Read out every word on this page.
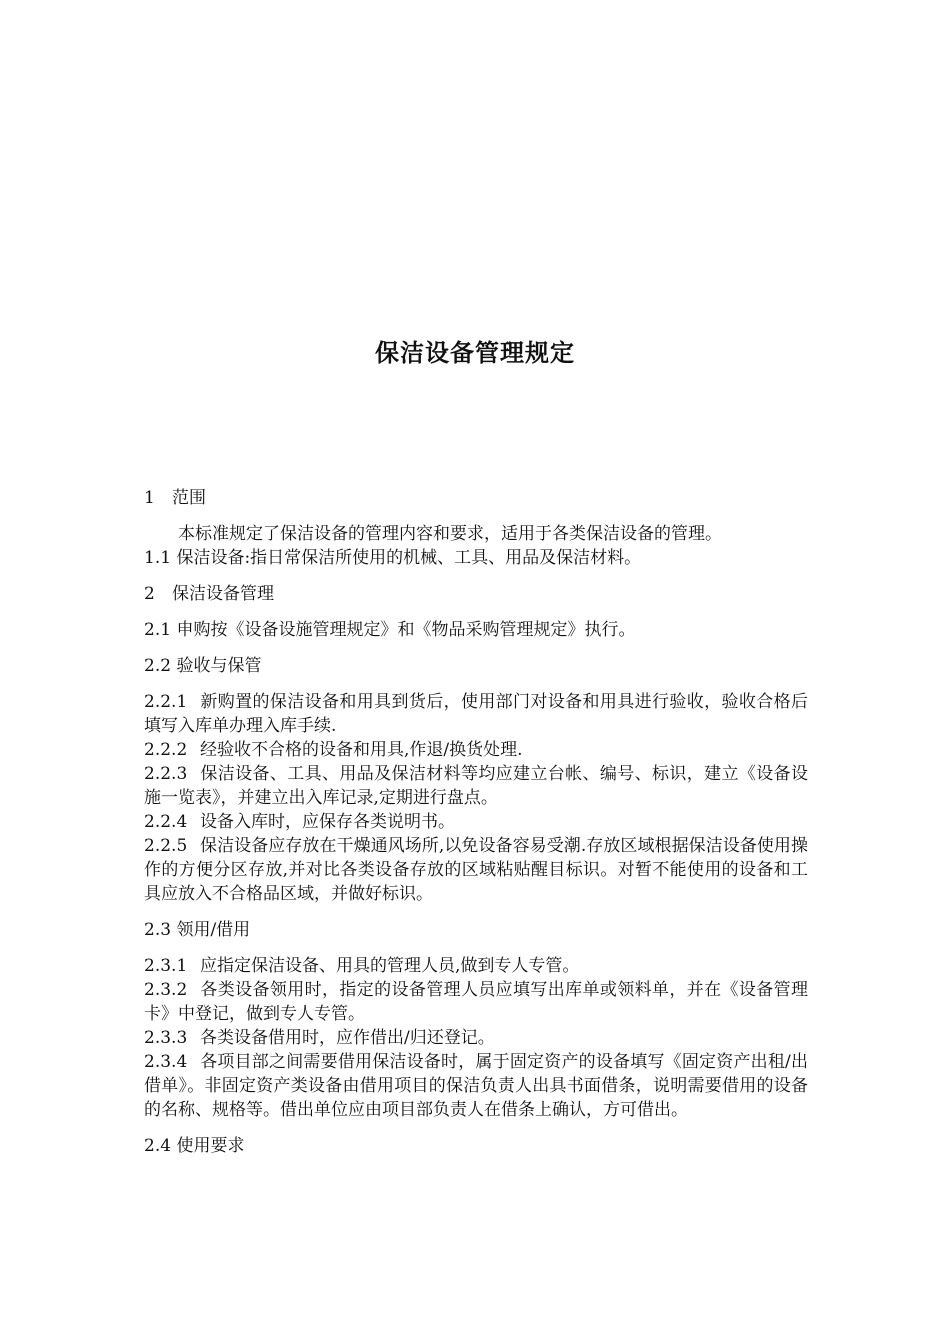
保洁设备管理规定
1 范围
本标准规定了保洁设备的管理内容和要求，适用于各类保洁设备的管理。
1.1 保洁设备:指日常保洁所使用的机械、工具、用品及保洁材料。
2 保洁设备管理
2.1 申购按《设备设施管理规定》和《物品采购管理规定》执行。
2.2 验收与保管
2.2.1 新购置的保洁设备和用具到货后，使用部门对设备和用具进行验收，验收合格后填写入库单办理入库手续.
2.2.2 经验收不合格的设备和用具,作退/换货处理.
2.2.3 保洁设备、工具、用品及保洁材料等均应建立台帐、编号、标识，建立《设备设施一览表》，并建立出入库记录,定期进行盘点。
2.2.4 设备入库时，应保存各类说明书。
2.2.5 保洁设备应存放在干燥通风场所,以免设备容易受潮.存放区域根据保洁设备使用操作的方便分区存放,并对比各类设备存放的区域粘贴醒目标识。对暂不能使用的设备和工具应放入不合格品区域，并做好标识。
2.3 领用/借用
2.3.1 应指定保洁设备、用具的管理人员,做到专人专管。
2.3.2 各类设备领用时，指定的设备管理人员应填写出库单或领料单，并在《设备管理卡》中登记，做到专人专管。
2.3.3 各类设备借用时，应作借出/归还登记。
2.3.4 各项目部之间需要借用保洁设备时，属于固定资产的设备填写《固定资产出租/出借单》。非固定资产类设备由借用项目的保洁负责人出具书面借条，说明需要借用的设备的名称、规格等。借出单位应由项目部负责人在借条上确认，方可借出。
2.4 使用要求
